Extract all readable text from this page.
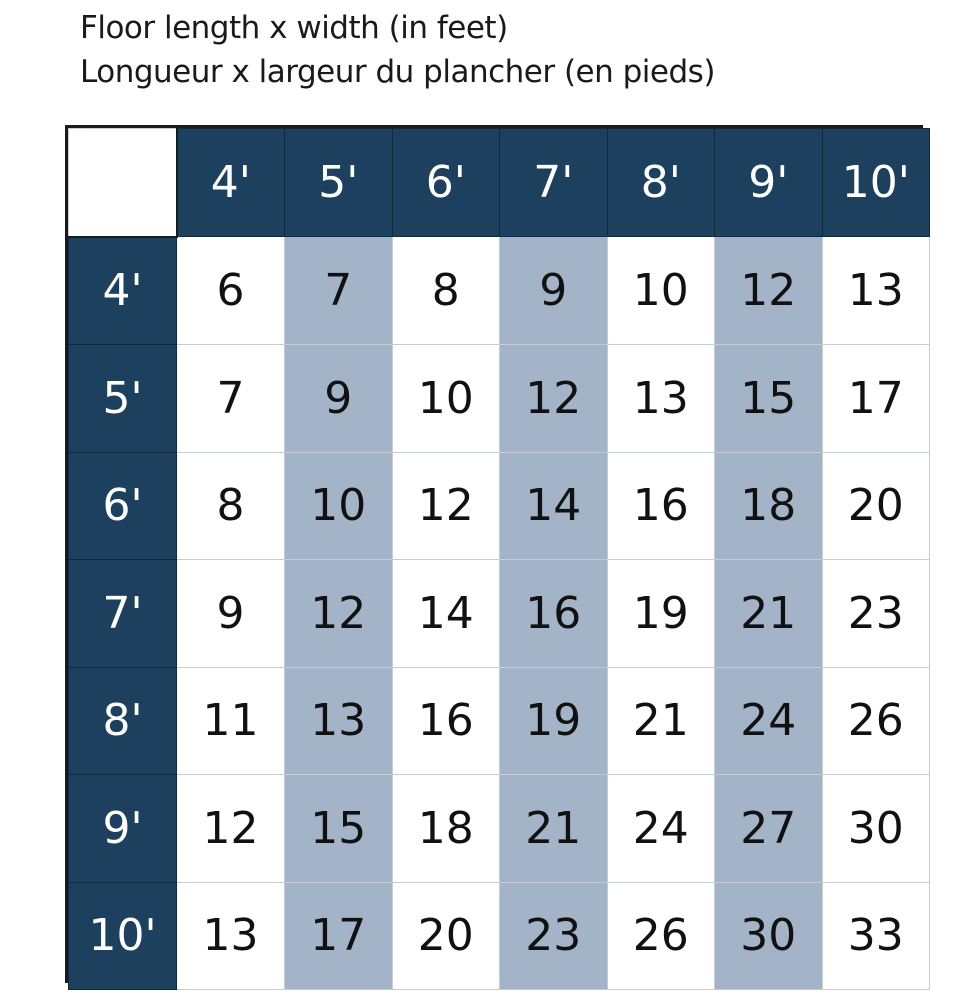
Floor length x width (in feet)
Longueur x largeur du plancher (en pieds)
	4'	5'	6'	7'	8'	9'	10'
4'	6	7	8	9	10	12	13
5'	7	9	10	12	13	15	17
6'	8	10	12	14	16	18	20
7'	9	12	14	16	19	21	23
8'	11	13	16	19	21	24	26
9'	12	15	18	21	24	27	30
10'	13	17	20	23	26	30	33
